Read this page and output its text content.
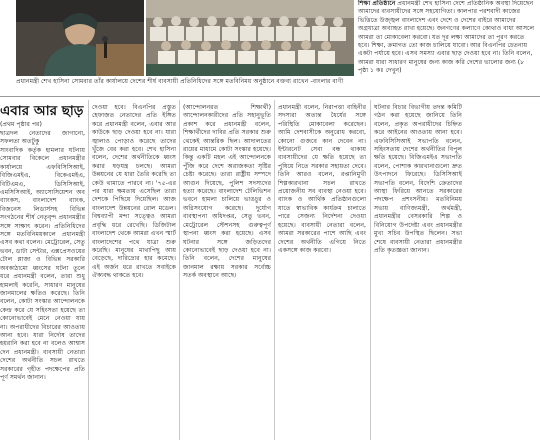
প্রধানমন্ত্রী শেখ হাসিনা সোমবার তাঁর কার্যালয়ে দেশের শীর্ষ ব্যবসায়ী প্রতিনিধিদের সঙ্গে মতবিনিময় অনুষ্ঠানে বক্তব্য রাখেন -বাংলার বাণী
শিক্ষা প্রতিষ্ঠানে প্রধানমন্ত্রী শেখ হাসিনা দেশে প্রতিষ্ঠানিক অবস্থা দিয়েছেন আমাদের ব্যবসায়ীদের সঙ্গে সহযোগিতা। কালপার পরশবাদী কাজের ভিত্তিতে উজ্জ্বল বাংলাদেশ এবং দেশে ও দেশের বাইরে আমাদের অগ্রযাত্রা অব্যাহত রাখা হয়েছে। জনগণের কল্যাণে কোথাও বাধা আসলে আমরা তা মোকাবেলা করবো। যত দূর লক্ষ্য আমাদের তা পূরণ করতে হবে। শিক্ষা, ক্রমাগত তো কাজ চালিয়ে যাবো। আর বিএনপির চেতনায় একটা পর্যায়ে হবে। এসব সমস্যা এবার ছাড় দেওয়া হবে না। তিনি বলেন, আমরা যারা সাধারণ মানুষের জন্য কাজ করি দেশের ভালোর জন্য (৮ পৃষ্ঠা ১ কঃ দেখুন)
এবার আর ছাড়
(প্রথম পৃষ্ঠার পর)
ছাত্রদল নেতাদের জাগানো, সফলতা অতটুকু

সাংবাদিক কর্তৃক হামলার ঘটনায় সোমবার বিকেলে প্রধানমন্ত্রীর কার্যালয়ে এফবিসিসিআই, বিজিএমইএ, বিকেএমইএ, বিটিএমএ, ডিসিসিআই, এমসিসিআই, অ্যাসোসিয়েশন অব ব্যাংকস, বাংলাদেশ ব্যাংক, বিজনেস লিডার্সসহ বিভিন্ন সংগঠনের শীর্ষ নেতৃবৃন্দ প্রধানমন্ত্রীর সঙ্গে সাক্ষাৎ করেন। প্রতিনিধিদের সঙ্গে মতবিনিময়কালে প্রধানমন্ত্রী এসব কথা বলেন। মেট্রোরেল, সেতু ভবন, ডাটা সেন্টার, এক্সপ্রেসওয়ের টোল প্লাজা ও বিভিন্ন সরকারি অবকাঠামো ধ্বংসের ঘটনা তুলে ধরে প্রধানমন্ত্রী বলেন, তারা শুধু হামলাই করেনি, সাধারণ মানুষের জানমালের ক্ষতিও করেছে। তিনি বলেন, কোটা সংস্কার আন্দোলনকে কেন্দ্র করে যে সহিংসতা হয়েছে তা কোনোভাবেই মেনে নেওয়া যায় না। অপরাধীদের বিচারের আওতায় আনা হবে। যারা নির্দোষ তাদের হয়রানি করা হবে না বলেও আশ্বাস দেন প্রধানমন্ত্রী। ব্যবসায়ী নেতারা দেশের অর্থনীতি সচল রাখতে সরকারের গৃহীত পদক্ষেপের প্রতি পূর্ণ সমর্থন জানান।

দেওয়া হবে। বিএনপির প্রস্তুত হেফাজত নেতাদের প্রতি ইঙ্গিত করে প্রধানমন্ত্রী বলেন, এবার আর কাউকে ছাড় দেওয়া হবে না। যারা জ্বালাও পোড়াও করেছে তাদের খুঁজে বের করা হবে। শেখ হাসিনা বলেন, দেশের অর্থনীতিকে ধ্বংস করার ষড়যন্ত্র চলছে। আমরা উন্নয়নের যে ধারা তৈরি করেছি তা কেউ থামাতে পারবে না। '৭৫-এর পর যারা ক্ষমতায় এসেছিল তারা দেশকে পিছিয়ে দিয়েছিল। আজ বাংলাদেশ উন্নয়নের রোল মডেল। বিশ্বব্যাপী মন্দা সত্ত্বেও আমরা প্রবৃদ্ধি ধরে রেখেছি। ডিজিটাল বাংলাদেশ থেকে আমরা এখন স্মার্ট বাংলাদেশের পথে যাত্রা শুরু করেছি। মানুষের মাথাপিছু আয় বেড়েছে, দারিদ্র্যের হার কমেছে। এই অর্জন ধরে রাখতে সবাইকে ঐক্যবদ্ধ থাকতে হবে।

(আন্দোলনরত শিক্ষার্থী) আন্দোলনকারীদের প্রতি সহানুভূতি প্রকাশ করে প্রধানমন্ত্রী বলেন, শিক্ষার্থীদের দাবির প্রতি সরকার শুরু থেকেই আন্তরিক ছিল। আদালতের রায়ের মাধ্যমে কোটা সংস্কার হয়েছে। কিন্তু একটি মহল এই আন্দোলনকে পুঁজি করে দেশে অরাজকতা সৃষ্টির চেষ্টা করেছে। তারা রাষ্ট্রীয় সম্পদে আগুন দিয়েছে, পুলিশ সদস্যদের হত্যা করেছে। বাংলাদেশ টেলিভিশন ভবনে হামলা চালিয়ে ভাঙচুর ও অগ্নিসংযোগ করেছে। দুর্যোগ ব্যবস্থাপনা অধিদপ্তর, সেতু ভবন, মেট্রোরেল স্টেশনসহ গুরুত্বপূর্ণ স্থাপনা ধ্বংস করা হয়েছে। এসব ঘটনার সঙ্গে জড়িতদের কোনোভাবেই ছাড় দেওয়া হবে না। তিনি বলেন, দেশের মানুষের জানমাল রক্ষায় সরকার সর্বোচ্চ সতর্ক অবস্থানে আছে।

প্রধানমন্ত্রী বলেন, নিরাপত্তা বাহিনীর সদস্যরা অত্যন্ত ধৈর্যের সঙ্গে পরিস্থিতি মোকাবেলা করেছেন। আমি দেশবাসীকে অনুরোধ করবো, কোনো গুজবে কান দেবেন না। ইন্টারনেট সেবা বন্ধ থাকায় ব্যবসায়ীদের যে ক্ষতি হয়েছে তা পুষিয়ে নিতে সরকার সহায়তা দেবে। তিনি আরও বলেন, রপ্তানিমুখী শিল্পকারখানা সচল রাখতে প্রয়োজনীয় সব ব্যবস্থা নেওয়া হবে। ব্যাংক ও আর্থিক প্রতিষ্ঠানগুলো যাতে স্বাভাবিক কার্যক্রম চালাতে পারে সেজন্য নির্দেশনা দেওয়া হয়েছে। ব্যবসায়ী নেতারা বলেন, আমরা সরকারের পাশে আছি এবং দেশের অর্থনীতি এগিয়ে নিতে একসঙ্গে কাজ করবো।

ঘটনার বিচার বিভাগীয় তদন্ত কমিটি গঠন করা হয়েছে জানিয়ে তিনি বলেন, প্রকৃত অপরাধীদের চিহ্নিত করে আইনের আওতায় আনা হবে। এফবিসিসিআই সভাপতি বলেন, সহিংসতায় দেশের অর্থনীতির বিপুল ক্ষতি হয়েছে। বিজিএমইএ সভাপতি বলেন, পোশাক কারখানাগুলো দ্রুত উৎপাদনে ফিরেছে। ডিসিসিআই সভাপতি বলেন, বিদেশি ক্রেতাদের আস্থা ফিরিয়ে আনতে সরকারের পদক্ষেপ প্রশংসনীয়। মতবিনিময় সভায় বাণিজ্যমন্ত্রী, অর্থমন্ত্রী, প্রধানমন্ত্রীর বেসরকারি শিল্প ও বিনিয়োগ উপদেষ্টা এবং প্রধানমন্ত্রীর মুখ্য সচিব উপস্থিত ছিলেন। সভা শেষে ব্যবসায়ী নেতারা প্রধানমন্ত্রীর প্রতি কৃতজ্ঞতা জানান।
